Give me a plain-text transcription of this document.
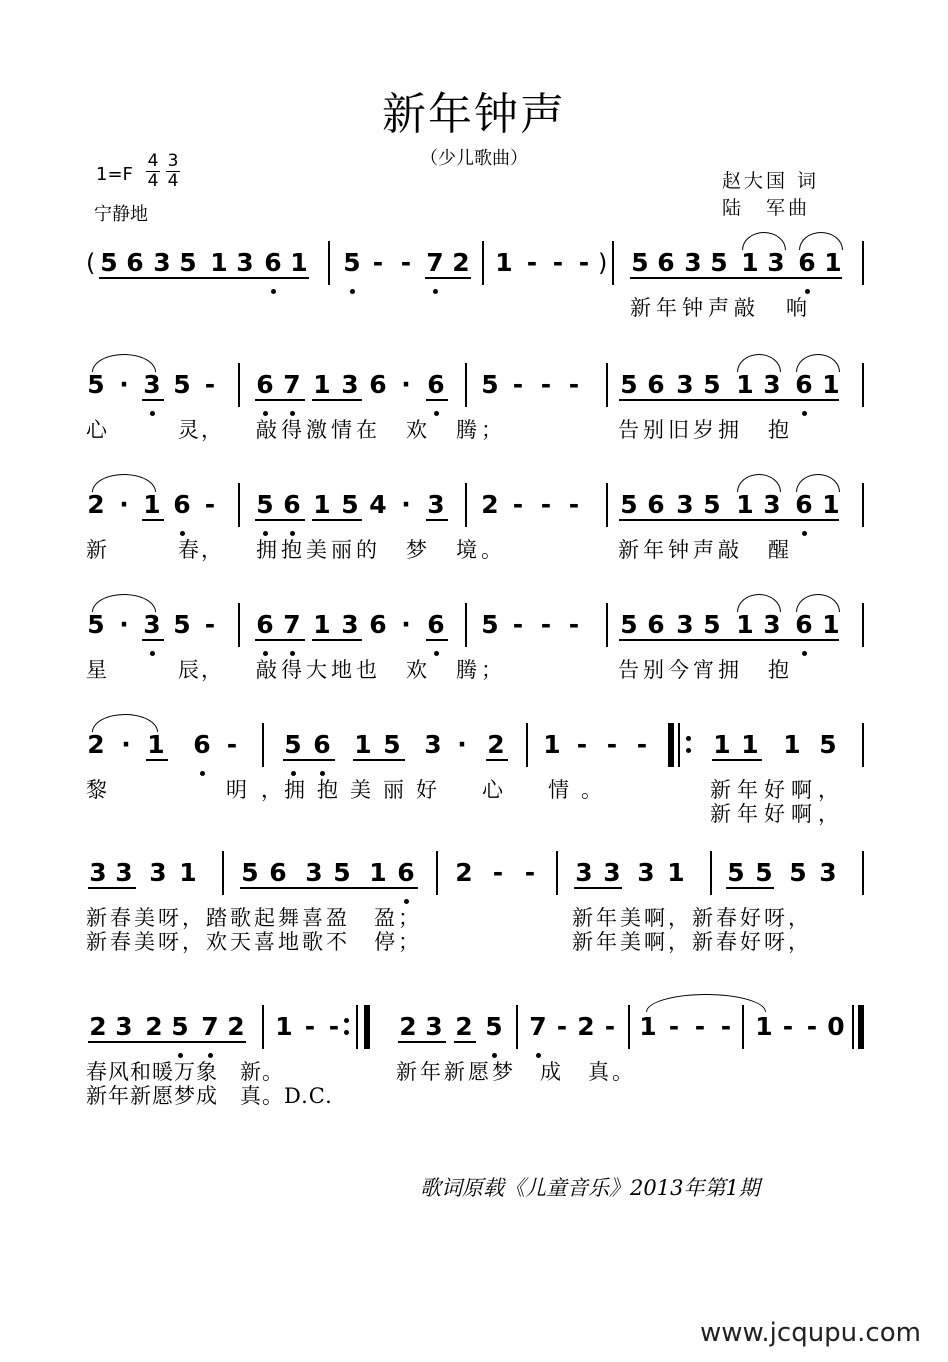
新年钟声
（少儿歌曲）
1=F
4
4
3
4
宁静地
赵大国 词
陆　军曲
( 5 6 3 5 1 3 6 1 5 - - 7 2 1 - - - ) 5 6 3 5 1 3 6 1
新年钟声敲　响
5 · 3 5 - 6 7 1 3 6 · 6 5 - - - 5 6 3 5 1 3 6 1
心　　　灵， 敲得激情在　欢　腾；	告别旧岁拥　抱
2 · 1 6 - 5 6 1 5 4 · 3 2 - - - 5 6 3 5 1 3 6 1
新　　　春， 拥抱美丽的　梦　境。	新年钟声敲　醒
5 · 3 5 - 6 7 1 3 6 · 6 5 - - - 5 6 3 5 1 3 6 1
星　　　辰， 敲得大地也　欢　腾；	告别今宵拥　抱
2 · 1 6 - 5 6 1 5 3 · 2 1 - - -	1 1 1 5
黎　　　明，
拥抱美丽好　心　情。	新年好啊，
新年好啊，
3 3 3 1 5 6 3 5 1 6 2 - - 3 3 3 1 5 5 5 3
新春美呀，踏歌起舞喜盈　盈；	新年美啊，新春好呀，
新春美呀，欢天喜地歌不　停；	新年美啊，新春好呀，
2 3 2 5 7 2 1 - - 2 3 2 5 7 - 2 - 1 - - - 1 - - 0
春风和暖万象　新。	新年新愿梦　成　真。
新年新愿梦成　真。D.C.
歌词原载《儿童音乐》2013年第1期
www.jcqupu.com
